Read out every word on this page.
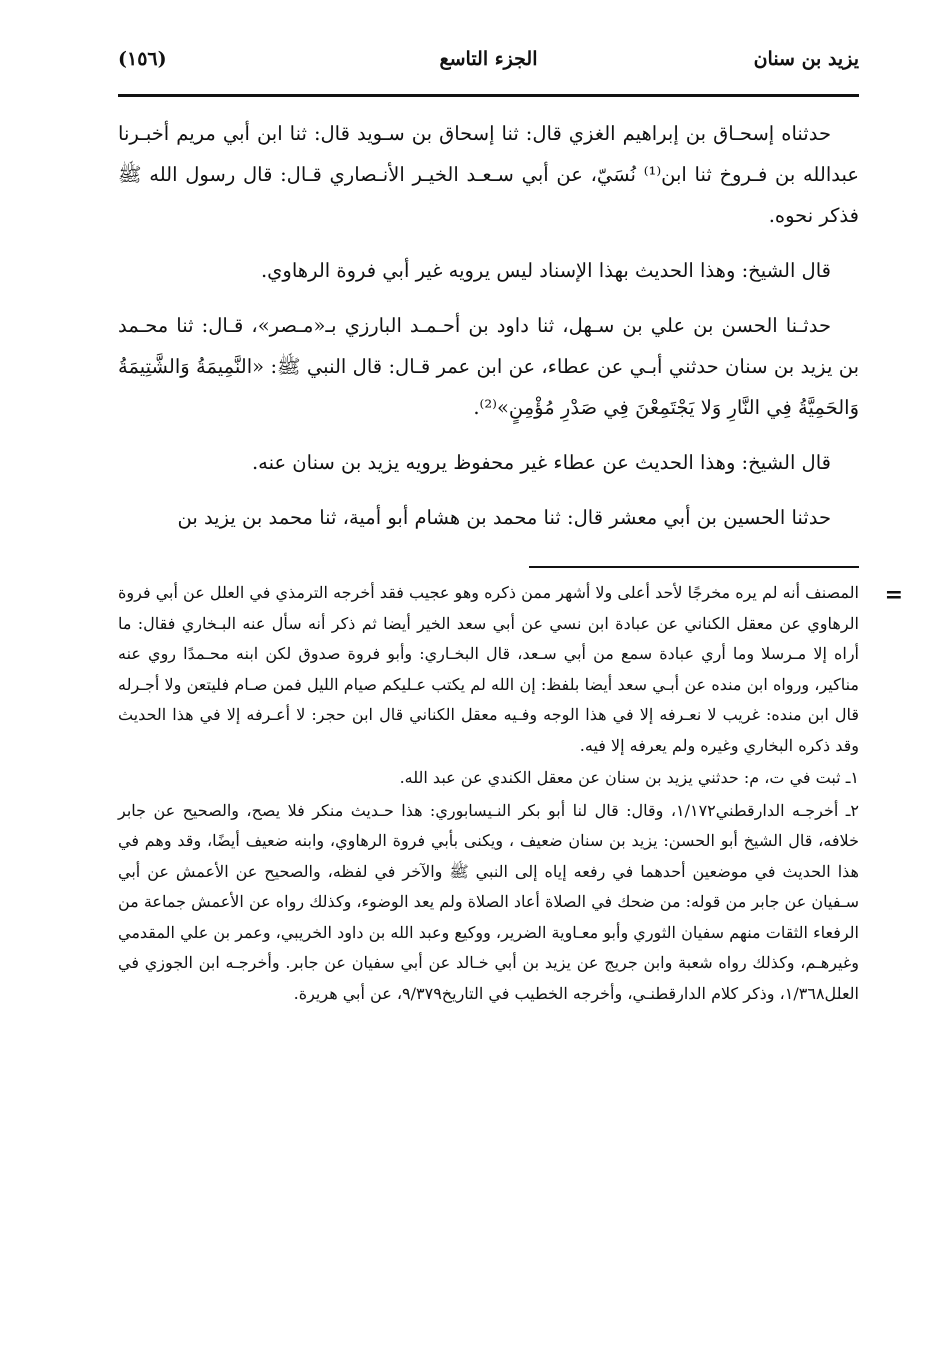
يزيد بن سنان
الجزء التاسع
(١٥٦)

حدثناه إسحـاق بن إبراهيم الغزي قال: ثنا إسحاق بن سـويد قال: ثنا ابن أبي مريم أخبـرنا عبدالله بن فـروخ ثنا ابن⁽¹⁾ نُسَيّ، عن أبي سـعـد الخيـر الأنـصاري قـال: قال رسول الله ﷺ فذكر نحوه.

قال الشيخ: وهذا الحديث بهذا الإسناد ليس يرويه غير أبي فروة الرهاوي.

حدثـنا الحسن بن علي بن سـهل، ثنا داود بن أحـمـد البارزي بـ«مـصر»، قـال: ثنا محـمد بن يزيد بن سنان حدثني أبـي عن عطاء، عن ابن عمر قـال: قال النبي ﷺ: «النَّمِيمَةُ وَالشَّتِيمَةُ وَالحَمِيَّةُ فِي النَّارِ وَلا يَجْتَمِعْنَ فِي صَدْرِ مُؤْمِنٍ»⁽²⁾.

قال الشيخ: وهذا الحديث عن عطاء غير محفوظ يرويه يزيد بن سنان عنه.

حدثنا الحسين بن أبي معشر قال: ثنا محمد بن هشام أبو أمية، ثنا محمد بن يزيد بن

=

المصنف أنه لم يره مخرجًا لأحد أعلى ولا أشهر ممن ذكره وهو عجيب فقد أخرجه الترمذي في العلل عن أبي فروة الرهاوي عن معقل الكناني عن عبادة ابن نسي عن أبي سعد الخير أيضا ثم ذكر أنه سأل عنه البـخاري فقال: ما أراه إلا مـرسلا وما أري عبادة سمع من أبي سـعد، قال البخـاري: وأبو فروة صدوق لكن ابنه محـمدًا روي عنه مناكير، ورواه ابن منده عن أبـي سعد أيضا بلفظ: إن الله لم يكتب عـليكم صيام الليل فمن صـام فليتعن ولا أجـرله قال ابن منده: غريب لا نعـرفه إلا في هذا الوجه وفـيه معقل الكناني قال ابن حجر: لا أعـرفه إلا في هذا الحديث وقد ذكره البخاري وغيره ولم يعرفه إلا فيه.

١ـ ثبت في ت، م: حدثني يزيد بن سنان عن معقل الكندي عن عبد الله.

٢ـ أخرجـه الدارقطني١/١٧٢، وقال: قال لنا أبو بكر النـيسابوري: هذا حـديث منكر فلا يصح، والصحيح عن جابر خلافه، قال الشيخ أبو الحسن: يزيد بن سنان ضعيف ، ويكنى بأبي فروة الرهاوي، وابنه ضعيف أيضًا، وقد وهم في هذا الحديث في موضعين أحدهما في رفعه إياه إلى النبي ﷺ والآخر في لفظه، والصحيح عن الأعمش عن أبي سـفيان عن جابر من قوله: من ضحك في الصلاة أعاد الصلاة ولم يعد الوضوء، وكذلك رواه عن الأعمش جماعة من الرفعاء الثقات منهم سفيان الثوري وأبو معـاوية الضرير، ووكيع وعبد الله بن داود الخريبي، وعمر بن علي المقدمي وغيرهـم، وكذلك رواه شعبة وابن جريج عن يزيد بن أبي خـالد عن أبي سفيان عن جابر. وأخرجـه ابن الجوزي في العلل١/٣٦٨، وذكر كلام الدارقطنـي، وأخرجه الخطيب في التاريخ٩/٣٧٩، عن أبي هريرة.
